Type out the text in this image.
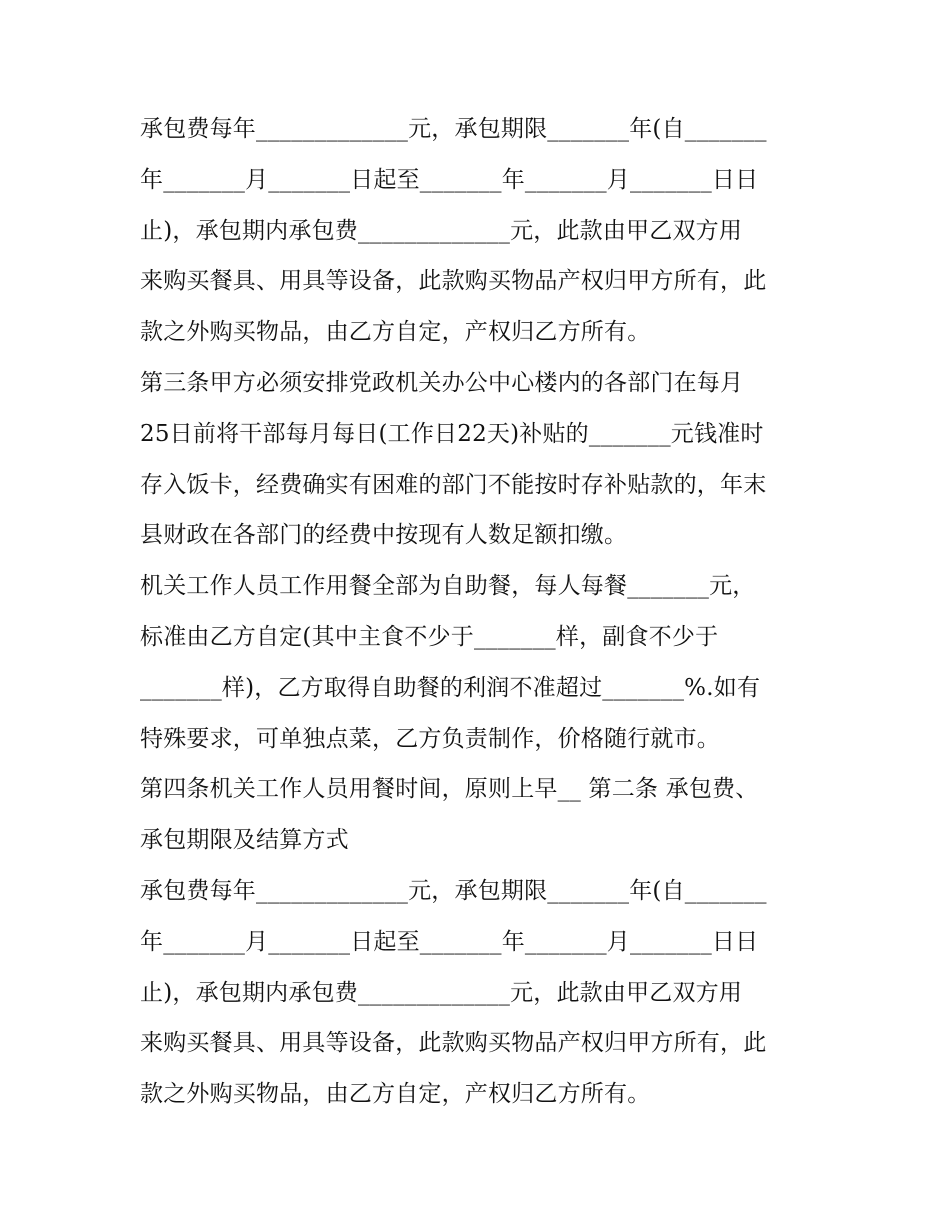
承包费每年_____________元，承包期限_______年(自_______

年_______月_______日起至_______年_______月_______日日

止)，承包期内承包费_____________元，此款由甲乙双方用

来购买餐具、用具等设备，此款购买物品产权归甲方所有，此

款之外购买物品，由乙方自定，产权归乙方所有。

第三条甲方必须安排党政机关办公中心楼内的各部门在每月

25日前将干部每月每日(工作日22天)补贴的_______元钱准时

存入饭卡，经费确实有困难的部门不能按时存补贴款的，年末

县财政在各部门的经费中按现有人数足额扣缴。

机关工作人员工作用餐全部为自助餐，每人每餐_______元，

标准由乙方自定(其中主食不少于_______样，副食不少于

_______样)，乙方取得自助餐的利润不准超过_______%.如有

特殊要求，可单独点菜，乙方负责制作，价格随行就市。

第四条机关工作人员用餐时间，原则上早__ 第二条 承包费、

承包期限及结算方式

承包费每年_____________元，承包期限_______年(自_______

年_______月_______日起至_______年_______月_______日日

止)，承包期内承包费_____________元，此款由甲乙双方用

来购买餐具、用具等设备，此款购买物品产权归甲方所有，此

款之外购买物品，由乙方自定，产权归乙方所有。
